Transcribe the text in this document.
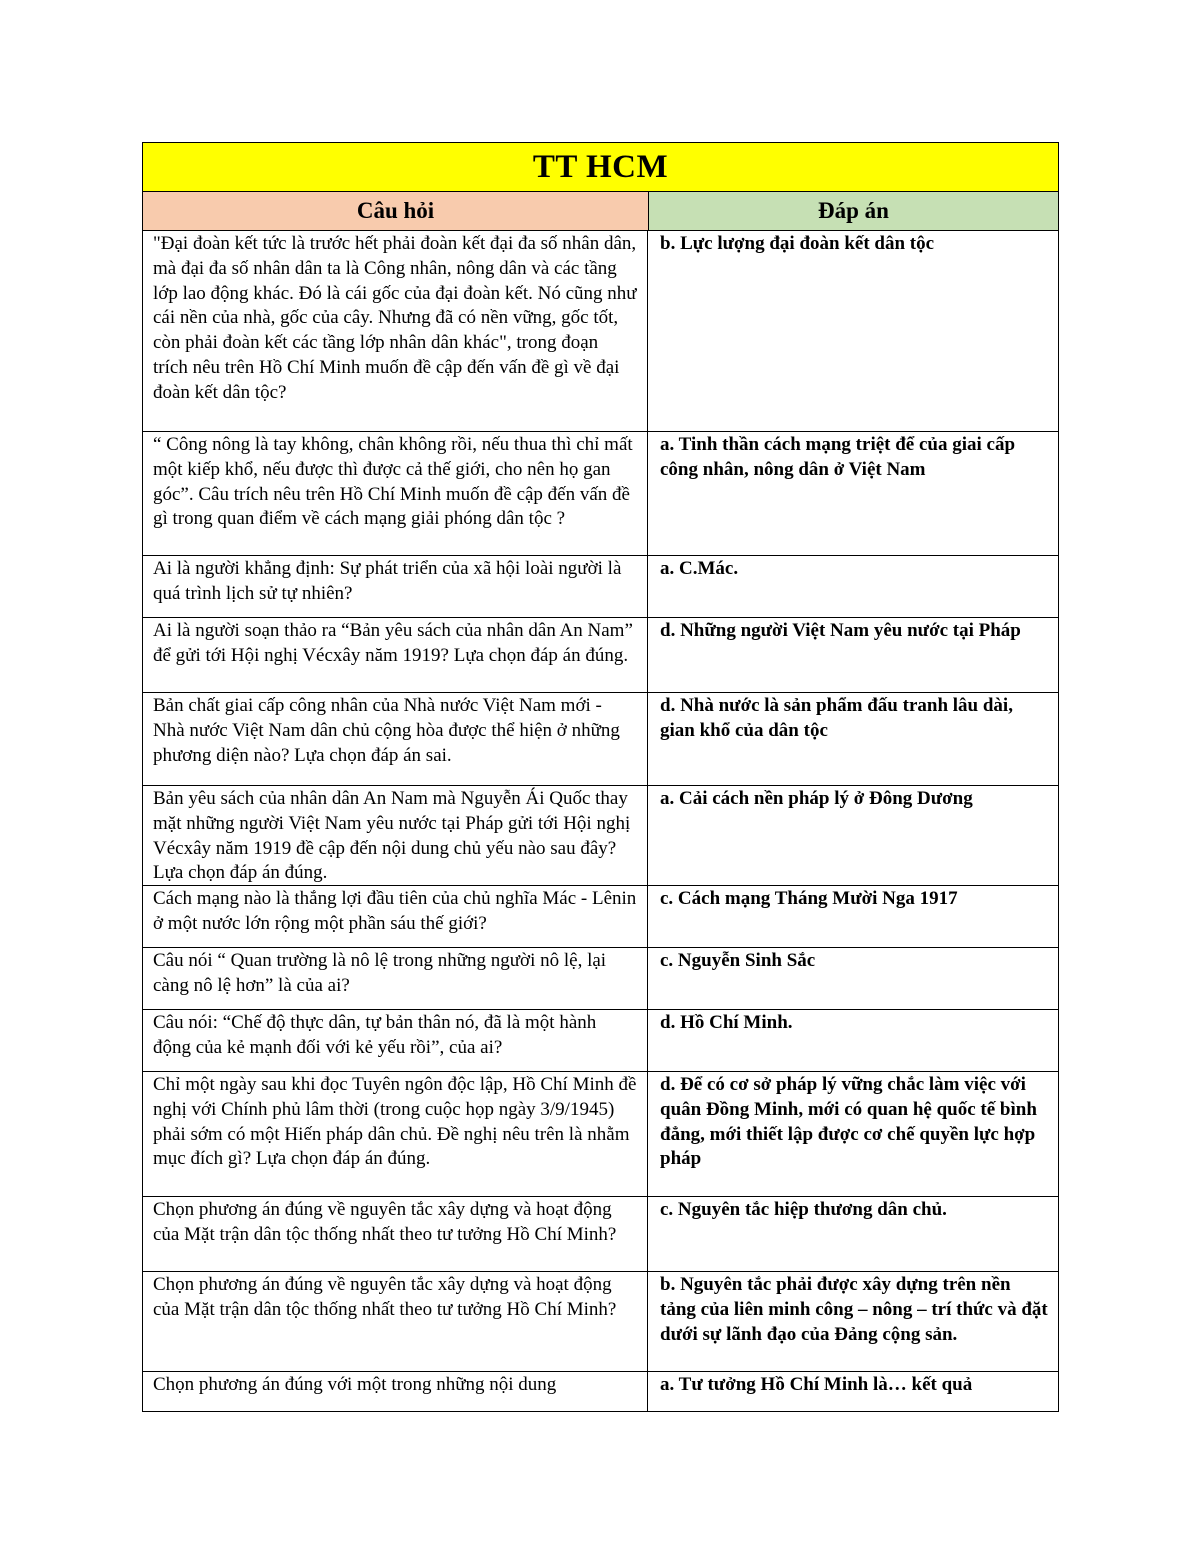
TT HCM
Câu hỏi	Đáp án
"Đại đoàn kết tức là trước hết phải đoàn kết đại đa số nhân dân, mà đại đa số nhân dân ta là Công nhân, nông dân và các tầng lớp lao động khác. Đó là cái gốc của đại đoàn kết. Nó cũng như cái nền của nhà, gốc của cây. Nhưng đã có nền vững, gốc tốt, còn phải đoàn kết các tầng lớp nhân dân khác", trong đoạn trích nêu trên Hồ Chí Minh muốn đề cập đến vấn đề gì về đại đoàn kết dân tộc?
b. Lực lượng đại đoàn kết dân tộc
“ Công nông là tay không, chân không rồi, nếu thua thì chỉ mất một kiếp khổ, nếu được thì được cả thế giới, cho nên họ gan góc”. Câu trích nêu trên Hồ Chí Minh muốn đề cập đến vấn đề gì trong quan điểm về cách mạng giải phóng dân tộc ?
a. Tinh thần cách mạng triệt để của giai cấp công nhân, nông dân ở Việt Nam
Ai là người khẳng định: Sự phát triển của xã hội loài người là quá trình lịch sử tự nhiên?
a. C.Mác.
Ai là người soạn thảo ra “Bản yêu sách của nhân dân An Nam” để gửi tới Hội nghị Vécxây năm 1919? Lựa chọn đáp án đúng.
d. Những người Việt Nam yêu nước tại Pháp
Bản chất giai cấp công nhân của Nhà nước Việt Nam mới - Nhà nước Việt Nam dân chủ cộng hòa được thể hiện ở những phương diện nào? Lựa chọn đáp án sai.
d. Nhà nước là sản phẩm đấu tranh lâu dài, gian khổ của dân tộc
Bản yêu sách của nhân dân An Nam mà Nguyễn Ái Quốc thay mặt những người Việt Nam yêu nước tại Pháp gửi tới Hội nghị Vécxây năm 1919 đề cập đến nội dung chủ yếu nào sau đây? Lựa chọn đáp án đúng.
a. Cải cách nền pháp lý ở Đông Dương
Cách mạng nào là thắng lợi đầu tiên của chủ nghĩa Mác - Lênin ở một nước lớn rộng một phần sáu thế giới?
c. Cách mạng Tháng Mười Nga 1917
Câu nói “ Quan trường là nô lệ trong những người nô lệ, lại càng nô lệ hơn” là của ai?
c. Nguyễn Sinh Sắc
Câu nói: “Chế độ thực dân, tự bản thân nó, đã là một hành động của kẻ mạnh đối với kẻ yếu rồi”, của ai?
d. Hồ Chí Minh.
Chỉ một ngày sau khi đọc Tuyên ngôn độc lập, Hồ Chí Minh đề nghị với Chính phủ lâm thời (trong cuộc họp ngày 3/9/1945) phải sớm có một Hiến pháp dân chủ. Đề nghị nêu trên là nhằm mục đích gì? Lựa chọn đáp án đúng.
d. Để có cơ sở pháp lý vững chắc làm việc với quân Đồng Minh, mới có quan hệ quốc tế bình đẳng, mới thiết lập được cơ chế quyền lực hợp pháp
Chọn phương án đúng về nguyên tắc xây dựng và hoạt động của Mặt trận dân tộc thống nhất theo tư tưởng Hồ Chí Minh?
c. Nguyên tắc hiệp thương dân chủ.
Chọn phương án đúng về nguyên tắc xây dựng và hoạt động của Mặt trận dân tộc thống nhất theo tư tưởng Hồ Chí Minh?
b. Nguyên tắc phải được xây dựng trên nền tảng của liên minh công – nông – trí thức và đặt dưới sự lãnh đạo của Đảng cộng sản.
Chọn phương án đúng với một trong những nội dung	a. Tư tưởng Hồ Chí Minh là… kết quả
